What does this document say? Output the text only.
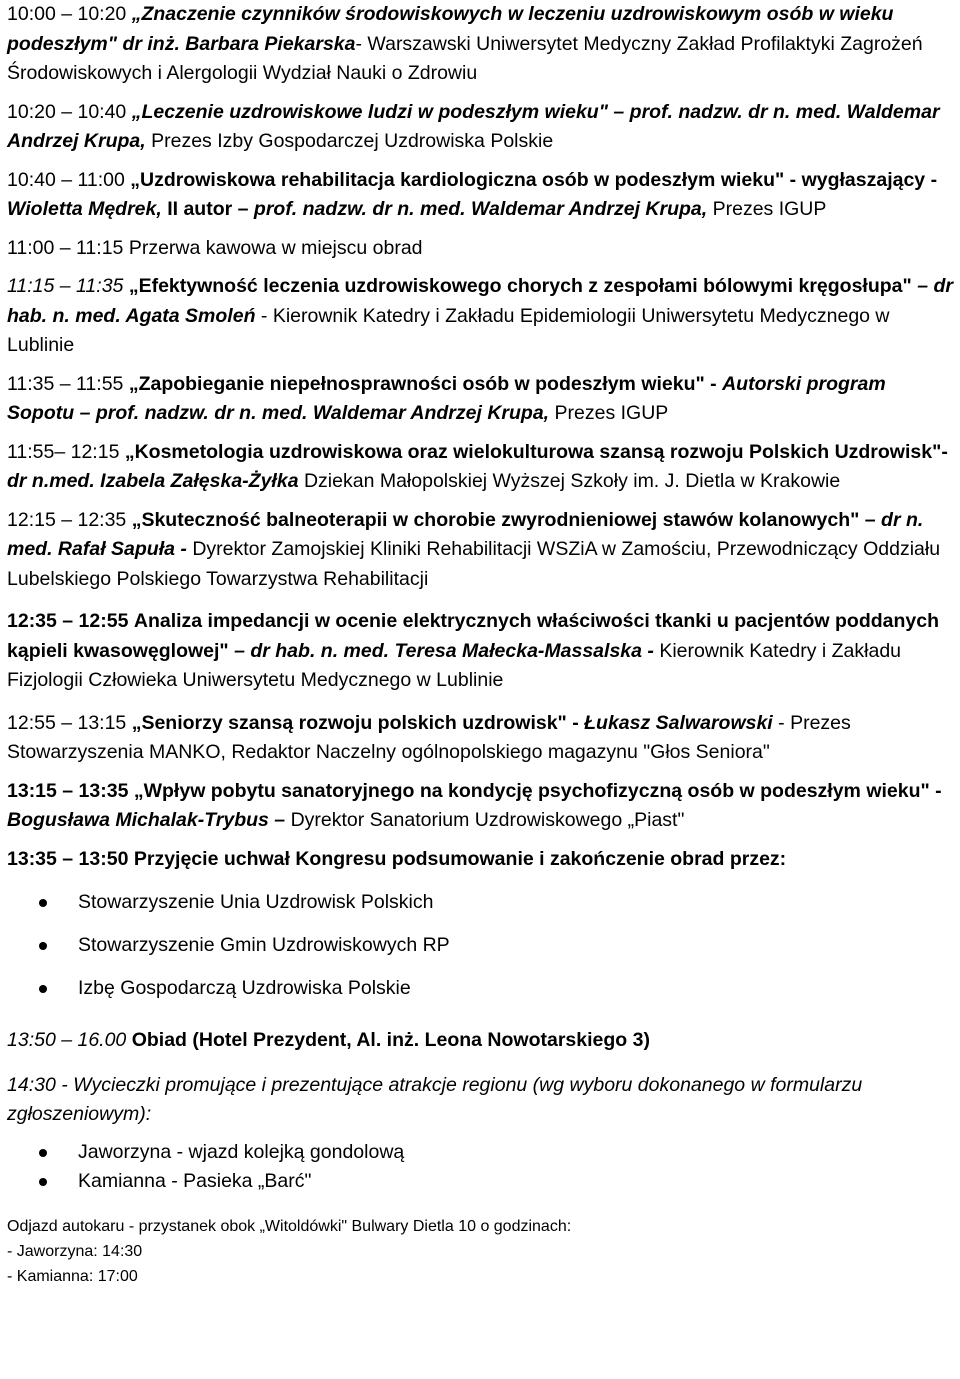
10:00 – 10:20 „Znaczenie czynników środowiskowych w leczeniu uzdrowiskowym osób w wieku podeszłym" dr inż. Barbara Piekarska- Warszawski Uniwersytet Medyczny Zakład Profilaktyki Zagrożeń Środowiskowych i Alergologii Wydział Nauki o Zdrowiu

10:20 – 10:40 „Leczenie uzdrowiskowe ludzi w podeszłym wieku" – prof. nadzw. dr n. med. Waldemar Andrzej Krupa, Prezes Izby Gospodarczej Uzdrowiska Polskie

10:40 – 11:00 „Uzdrowiskowa rehabilitacja kardiologiczna osób w podeszłym wieku" - wygłaszający - Wioletta Mędrek, II autor – prof. nadzw. dr n. med. Waldemar Andrzej Krupa, Prezes IGUP

11:00 – 11:15 Przerwa kawowa w miejscu obrad

11:15 – 11:35 „Efektywność leczenia uzdrowiskowego chorych z zespołami bólowymi kręgosłupa" – dr hab. n. med. Agata Smoleń - Kierownik Katedry i Zakładu Epidemiologii Uniwersytetu Medycznego w Lublinie

11:35 – 11:55 „Zapobieganie niepełnosprawności osób w podeszłym wieku" - Autorski program Sopotu – prof. nadzw. dr n. med. Waldemar Andrzej Krupa, Prezes IGUP

11:55– 12:15 „Kosmetologia uzdrowiskowa oraz wielokulturowa szansą rozwoju Polskich Uzdrowisk"- dr n.med. Izabela Załęska-Żyłka Dziekan Małopolskiej Wyższej Szkoły im. J. Dietla w Krakowie

12:15 – 12:35 „Skuteczność balneoterapii w chorobie zwyrodnieniowej stawów kolanowych" – dr n. med. Rafał Sapuła - Dyrektor Zamojskiej Kliniki Rehabilitacji WSZiA w Zamościu, Przewodniczący Oddziału Lubelskiego Polskiego Towarzystwa Rehabilitacji

12:35 – 12:55 Analiza impedancji w ocenie elektrycznych właściwości tkanki u pacjentów poddanych kąpieli kwasowęglowej" – dr hab. n. med. Teresa Małecka-Massalska - Kierownik Katedry i Zakładu Fizjologii Człowieka Uniwersytetu Medycznego w Lublinie

12:55 – 13:15 „Seniorzy szansą rozwoju polskich uzdrowisk" - Łukasz Salwarowski - Prezes Stowarzyszenia MANKO, Redaktor Naczelny ogólnopolskiego magazynu "Głos Seniora"

13:15 – 13:35 „Wpływ pobytu sanatoryjnego na kondycję psychofizyczną osób w podeszłym wieku" - Bogusława Michalak-Trybus – Dyrektor Sanatorium Uzdrowiskowego „Piast"

13:35 – 13:50 Przyjęcie uchwał Kongresu podsumowanie i zakończenie obrad przez:

Stowarzyszenie Unia Uzdrowisk Polskich
Stowarzyszenie Gmin Uzdrowiskowych RP
Izbę Gospodarczą Uzdrowiska Polskie

13:50 – 16.00 Obiad (Hotel Prezydent, Al. inż. Leona Nowotarskiego 3)

14:30 - Wycieczki promujące i prezentujące atrakcje regionu (wg wyboru dokonanego w formularzu zgłoszeniowym):

Jaworzyna - wjazd kolejką gondolową
Kamianna - Pasieka „Barć"

Odjazd autokaru - przystanek obok „Witoldówki" Bulwary Dietla 10 o godzinach:

- Jaworzyna: 14:30

- Kamianna: 17:00
